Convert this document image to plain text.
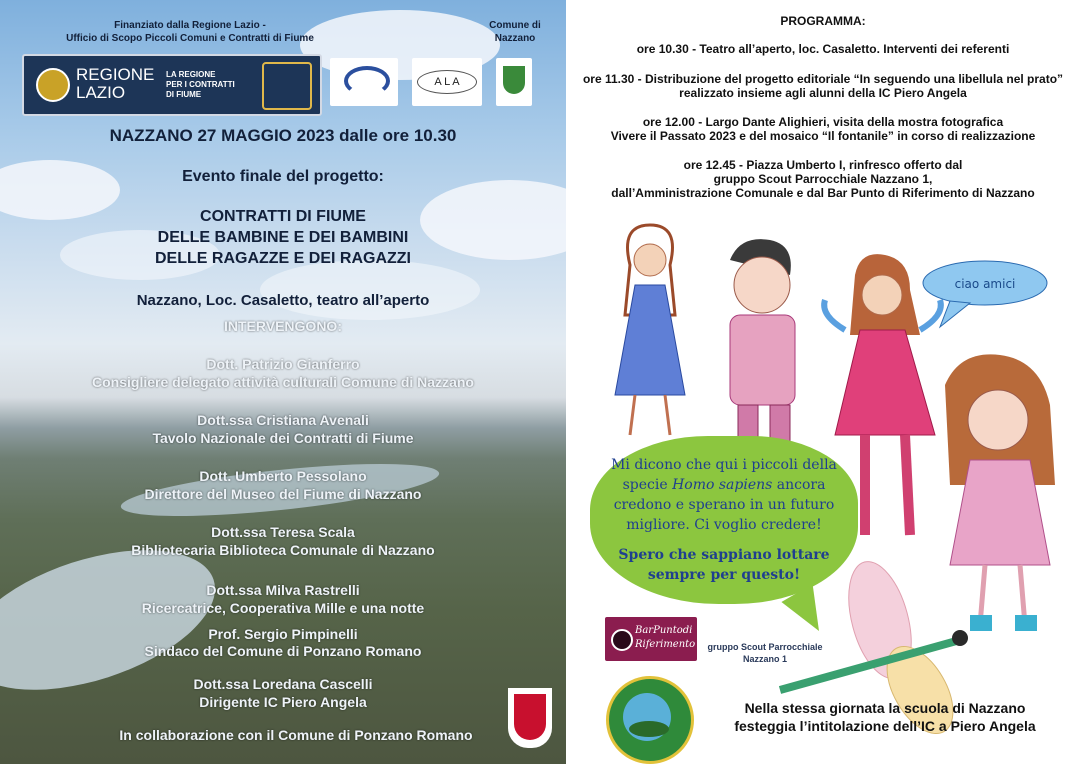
Finanziato dalla Regione Lazio -

Ufficio di Scopo Piccoli Comuni e Contratti di Fiume

Comune di

Nazzano

REGIONE
LAZIO
LA REGIONE
PER I CONTRATTI
DI FIUME
A L A

NAZZANO 27 MAGGIO 2023 dalle ore 10.30

Evento finale del progetto:

CONTRATTI DI FIUME

DELLE BAMBINE E DEI BAMBINI

DELLE RAGAZZE E DEI RAGAZZI

Nazzano, Loc. Casaletto, teatro all’aperto

INTERVENGONO:

Dott. Patrizio Gianferro

Consigliere delegato attività culturali Comune di Nazzano

Dott.ssa Cristiana Avenali

Tavolo Nazionale dei Contratti di Fiume

Dott. Umberto Pessolano

Direttore del Museo del Fiume di Nazzano

Dott.ssa Teresa Scala

Bibliotecaria Biblioteca Comunale di Nazzano

Dott.ssa Milva Rastrelli

Ricercatrice, Cooperativa Mille e una notte

Prof. Sergio Pimpinelli

Sindaco del Comune di Ponzano Romano

Dott.ssa Loredana Cascelli

Dirigente IC Piero Angela

In collaborazione con il Comune di Ponzano Romano

PROGRAMMA:

ore 10.30 - Teatro all’aperto, loc. Casaletto. Interventi dei referenti

ore 11.30 - Distribuzione del progetto editoriale “In seguendo una libellula nel prato”

realizzato insieme agli alunni della IC Piero Angela

ore 12.00 - Largo Dante Alighieri, visita della mostra fotografica

Vivere il Passato 2023 e del mosaico “Il fontanile” in corso di realizzazione

ore 12.45 - Piazza Umberto I, rinfresco offerto dal

gruppo Scout Parrocchiale Nazzano 1,

dall’Amministrazione Comunale e dal Bar Punto di Riferimento di Nazzano

ciao amici

Mi dicono che qui i piccoli della

specie Homo sapiens ancora

credono e sperano in un futuro

migliore. Ci voglio credere!

Spero che sappiano lottare

sempre per questo!

BarPuntodi
Riferimento	gruppo Scout Parrocchiale

Nazzano 1

Nella stessa giornata la scuola di Nazzano

festeggia l’intitolazione dell’IC a Piero Angela
